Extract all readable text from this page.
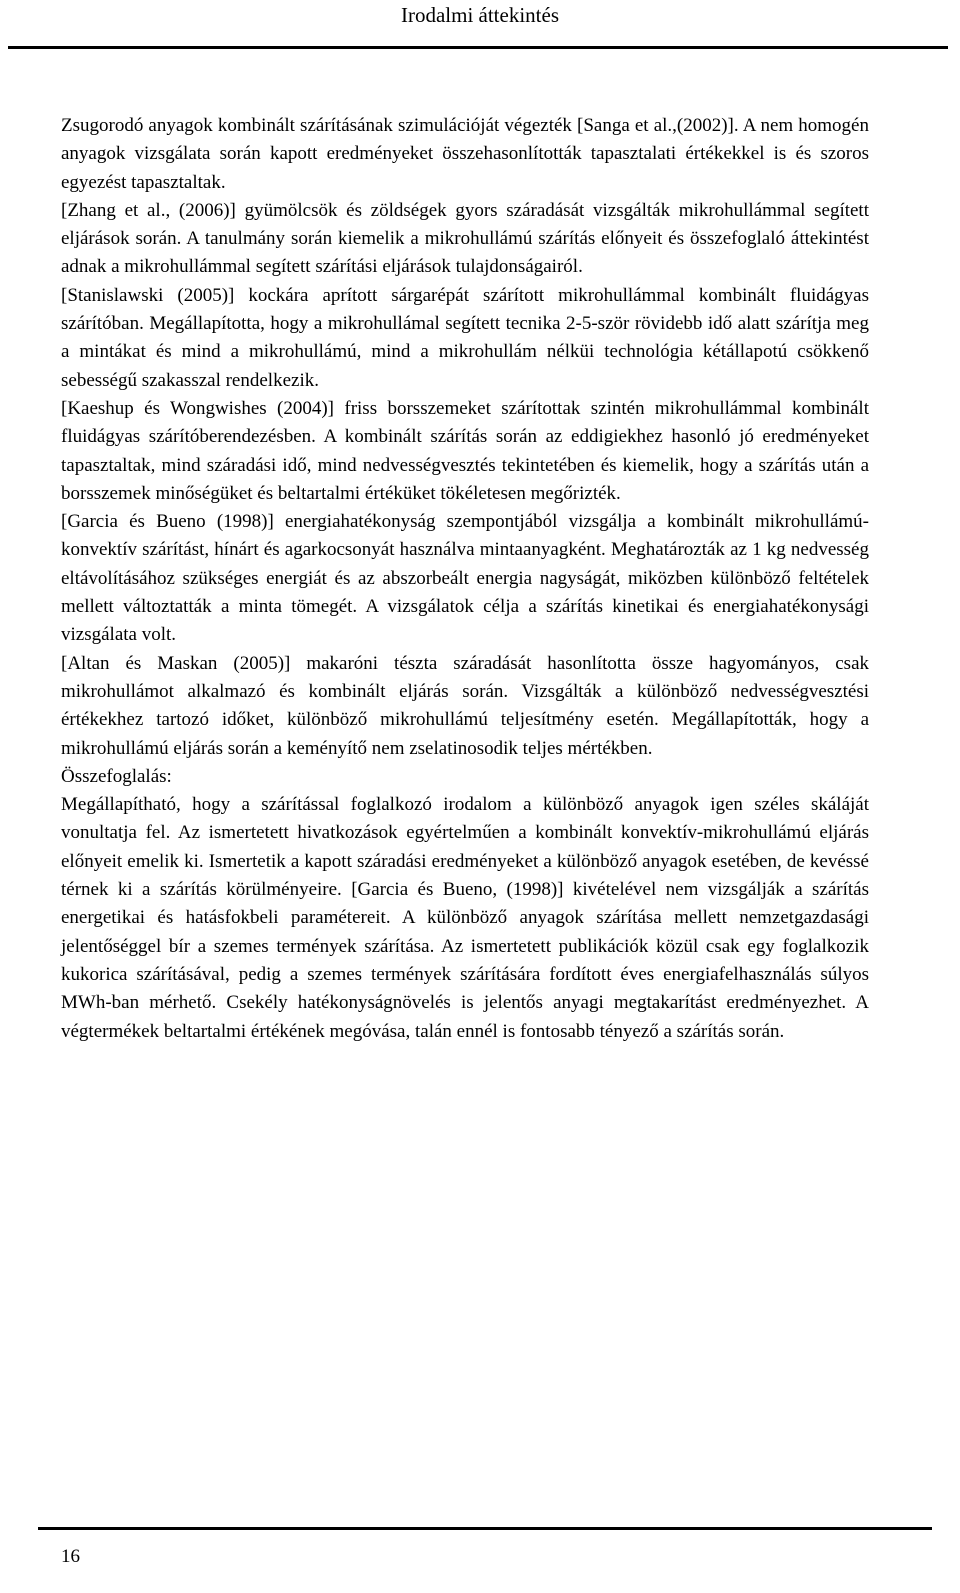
Irodalmi áttekintés

Zsugorodó anyagok kombinált szárításának szimulációját végezték [Sanga et al.,(2002)]. A nem homogén anyagok vizsgálata során kapott eredményeket összehasonlították tapasztalati értékekkel is és szoros egyezést tapasztaltak.

[Zhang et al., (2006)] gyümölcsök és zöldségek gyors száradását vizsgálták mikrohullámmal segített eljárások során. A tanulmány során kiemelik a mikrohullámú szárítás előnyeit és összefoglaló áttekintést adnak a mikrohullámmal segített szárítási eljárások tulajdonságairól.

[Stanislawski (2005)] kockára aprított sárgarépát szárított mikrohullámmal kombinált fluidágyas szárítóban. Megállapította, hogy a mikrohullámal segített tecnika 2-5-ször rövidebb idő alatt szárítja meg a mintákat és mind a mikrohullámú, mind a mikrohullám nélküi technológia kétállapotú csökkenő sebességű szakasszal rendelkezik.

[Kaeshup és Wongwishes (2004)] friss borsszemeket szárítottak szintén mikrohullámmal kombinált fluidágyas szárítóberendezésben. A kombinált szárítás során az eddigiekhez hasonló jó eredményeket tapasztaltak, mind száradási idő, mind nedvességvesztés tekintetében és kiemelik, hogy a szárítás után a borsszemek minőségüket és beltartalmi értéküket tökéletesen megőrizték.

[Garcia és Bueno (1998)] energiahatékonyság szempontjából vizsgálja a kombinált mikrohullámú-konvektív szárítást, hínárt és agarkocsonyát használva mintaanyagként. Meghatározták az 1 kg nedvesség eltávolításához szükséges energiát és az abszorbeált energia nagyságát, miközben különböző feltételek mellett változtatták a minta tömegét. A vizsgálatok célja a szárítás kinetikai és energiahatékonysági vizsgálata volt.

[Altan és Maskan (2005)] makaróni tészta száradását hasonlította össze hagyományos, csak mikrohullámot alkalmazó és kombinált eljárás során. Vizsgálták a különböző nedvességvesztési értékekhez tartozó időket, különböző mikrohullámú teljesítmény esetén. Megállapították, hogy a mikrohullámú eljárás során a keményítő nem zselatinosodik teljes mértékben.

Összefoglalás:

Megállapítható, hogy a szárítással foglalkozó irodalom a különböző anyagok igen széles skáláját vonultatja fel. Az ismertetett hivatkozások egyértelműen a kombinált konvektív-mikrohullámú eljárás előnyeit emelik ki. Ismertetik a kapott száradási eredményeket a különböző anyagok esetében, de kevéssé térnek ki a szárítás körülményeire. [Garcia és Bueno, (1998)] kivételével nem vizsgálják a szárítás energetikai és hatásfokbeli paramétereit. A különböző anyagok szárítása mellett nemzetgazdasági jelentőséggel bír a szemes termények szárítása. Az ismertetett publikációk közül csak egy foglalkozik kukorica szárításával, pedig a szemes termények szárítására fordított éves energiafelhasználás súlyos MWh-ban mérhető. Csekély hatékonyságnövelés is jelentős anyagi megtakarítást eredményezhet. A végtermékek beltartalmi értékének megóvása, talán ennél is fontosabb tényező a szárítás során.

16
